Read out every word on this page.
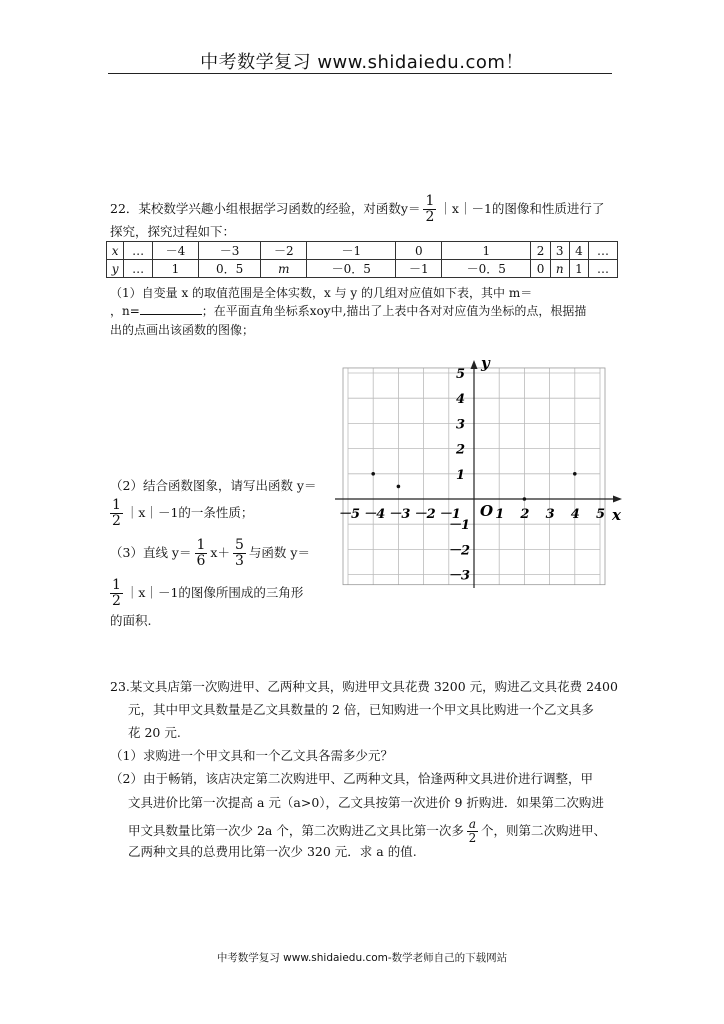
中考数学复习 www.shidaiedu.com！
22．某校数学兴趣小组根据学习函数的经验，对函数$y= \frac{1}{2}$ ｜x｜－1的图像和性质进行了
探究，探究过程如下：
x	…	－4	－3	－2	－1	0	1	2	3	4	…
y	…	1	0．5	m	－0．5	－1	－0．5	0	n	1	…
（1）自变量 x 的取值范围是全体实数，x 与 y 的几组对应值如下表，其中 m＝
，n=	；在平面直角坐标系xoy中,描出了上表中各对对应值为坐标的点，根据描
出的点画出该函数的图像；
（2）结合函数图象，请写出函数 y＝
$\frac{1}{2}$ ｜x｜－1的一条性质；
（3）直线 $y= \frac{1}{6} x+ \frac{5}{3}$ 与函数 y＝
$\frac{1}{2}$ ｜x｜－1的图像所围成的三角形
的面积.
x
y
O
－5 －4 －3 －2 －1	1 2 3 4 5
5
4
3
2
1
－1
－2
－3
23.某文具店第一次购进甲、乙两种文具，购进甲文具花费 3200 元，购进乙文具花费 2400
元，其中甲文具数量是乙文具数量的 2 倍，已知购进一个甲文具比购进一个乙文具多
花 20 元.
（1）求购进一个甲文具和一个乙文具各需多少元？
（2）由于畅销，该店决定第二次购进甲、乙两种文具，恰逢两种文具进价进行调整，甲
文具进价比第一次提高 a 元（a>0），乙文具按第一次进价 9 折购进．如果第二次购进
甲文具数量比第一次少 2a 个，第二次购进乙文具比第一次多 $\frac{a}{2}$ 个，则第二次购进甲、
乙两种文具的总费用比第一次少 320 元．求 a 的值.
中考数学复习 www.shidaiedu.com-数学老师自己的下载网站
